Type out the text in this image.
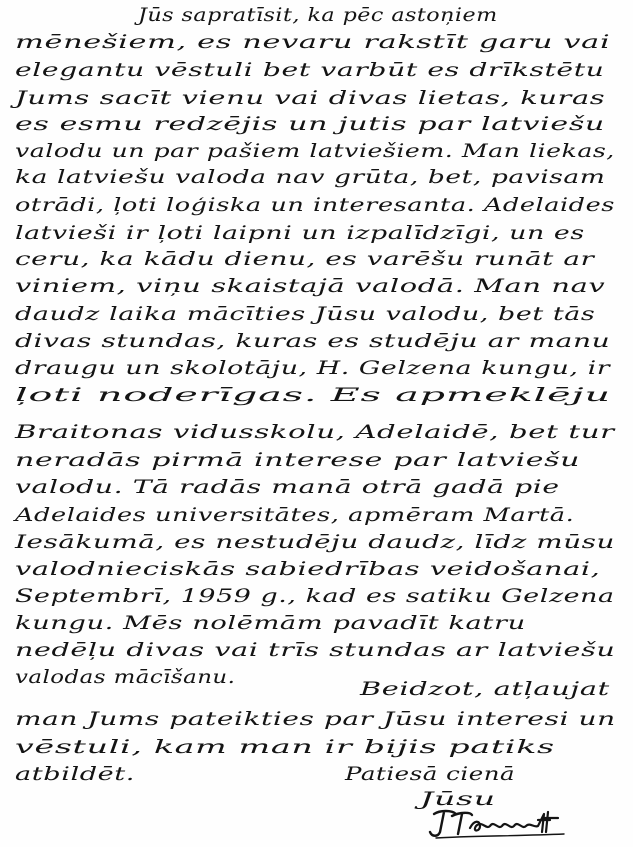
Jūs sapratīsit, ka pēc astoņiem
mēnešiem, es nevaru rakstīt garu vai
elegantu vēstuli bet varbūt es drīkstētu
Jums sacīt vienu vai divas lietas, kuras
es esmu redzējis un jutis par latviešu
valodu un par pašiem latviešiem. Man liekas,
ka latviešu valoda nav grūta, bet, pavisam
otrādi, ļoti loģiska un interesanta. Adelaides
latvieši ir ļoti laipni un izpalīdzīgi, un es
ceru, ka kādu dienu, es varēšu runāt ar
viniem, viņu skaistajā valodā. Man nav
daudz laika mācīties Jūsu valodu, bet tās
divas stundas, kuras es studēju ar manu
draugu un skolotāju, H. Gelzena kungu, ir
ļoti noderīgas. Es apmeklēju
Braitonas vidusskolu, Adelaidē, bet tur
neradās pirmā interese par latviešu
valodu. Tā radās manā otrā gadā pie
Adelaides universitātes, apmēram Martā.
Iesākumā, es nestudēju daudz, līdz mūsu
valodnieciskās sabiedrības veidošanai,
Septembrī, 1959 g., kad es satiku Gelzena
kungu. Mēs nolēmām pavadīt katru
nedēļu divas vai trīs stundas ar latviešu
valodas mācīšanu.
Beidzot, atļaujat
man Jums pateikties par Jūsu interesi un
vēstuli, kam man ir bijis patiks
atbildēt.	Patiesā cienā
Jūsu
